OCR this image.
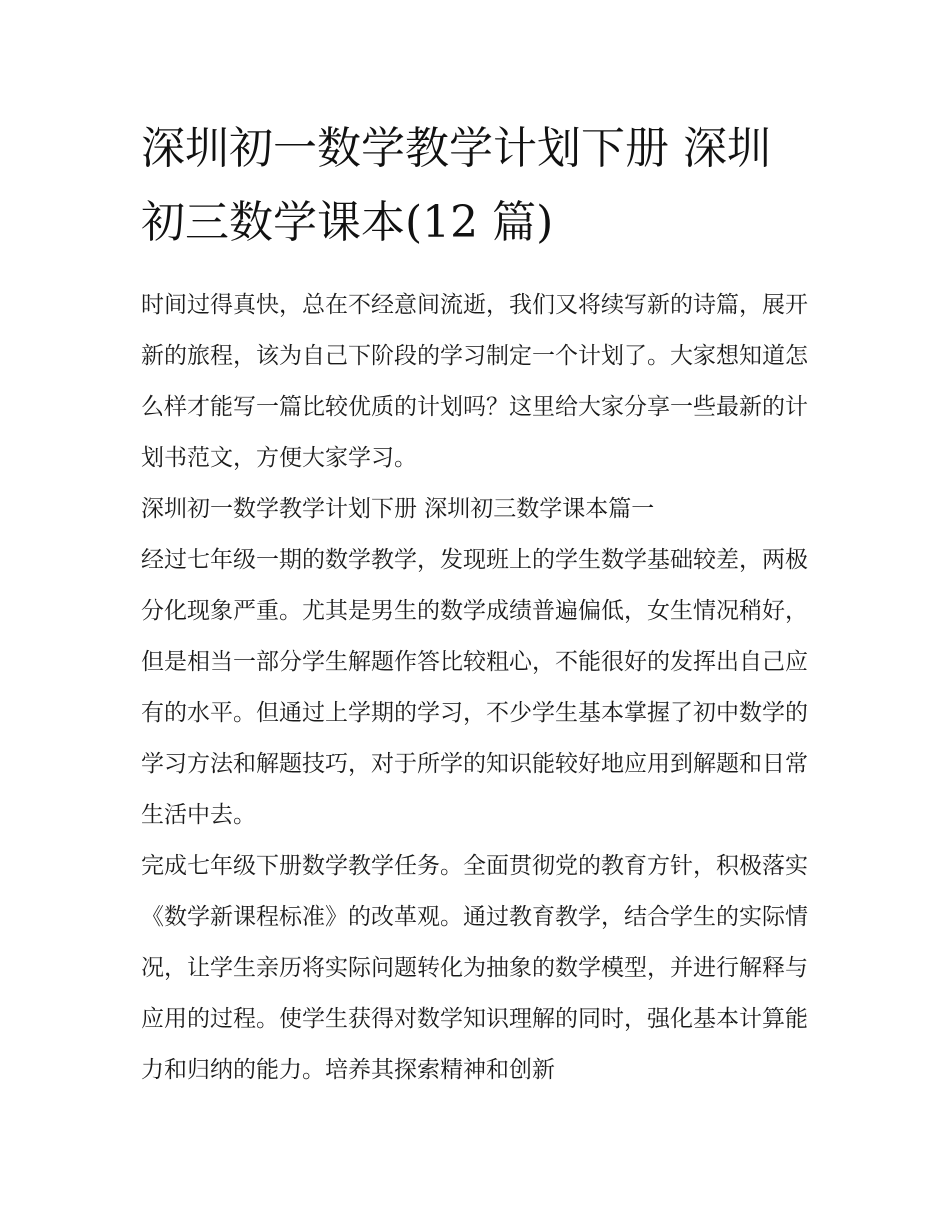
深圳初一数学教学计划下册 深圳初三数学课本(12 篇)

时间过得真快，总在不经意间流逝，我们又将续写新的诗篇，展开新的旅程，该为自己下阶段的学习制定一个计划了。大家想知道怎么样才能写一篇比较优质的计划吗？这里给大家分享一些最新的计划书范文，方便大家学习。

深圳初一数学教学计划下册 深圳初三数学课本篇一

经过七年级一期的数学教学，发现班上的学生数学基础较差，两极分化现象严重。尤其是男生的数学成绩普遍偏低，女生情况稍好，但是相当一部分学生解题作答比较粗心，不能很好的发挥出自己应有的水平。但通过上学期的学习，不少学生基本掌握了初中数学的学习方法和解题技巧，对于所学的知识能较好地应用到解题和日常生活中去。

完成七年级下册数学教学任务。全面贯彻党的教育方针，积极落实《数学新课程标准》的改革观。通过教育教学，结合学生的实际情况，让学生亲历将实际问题转化为抽象的数学模型，并进行解释与应用的过程。使学生获得对数学知识理解的同时，强化基本计算能力和归纳的能力。培养其探索精神和创新
